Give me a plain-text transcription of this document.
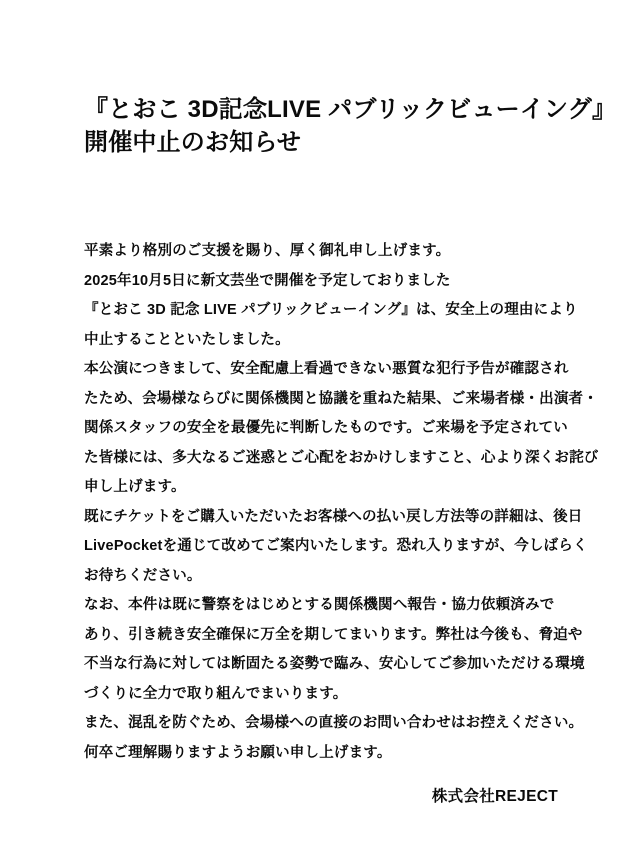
『とおこ 3D記念LIVE パブリックビューイング』
開催中止のお知らせ
平素より格別のご支援を賜り、厚く御礼申し上げます。
2025年10月5日に新文芸坐で開催を予定しておりました
『とおこ 3D 記念 LIVE パブリックビューイング』は、安全上の理由により
中止することといたしました。
本公演につきまして、安全配慮上看過できない悪質な犯行予告が確認され
たため、会場様ならびに関係機関と協議を重ねた結果、ご来場者様・出演者・
関係スタッフの安全を最優先に判断したものです。ご来場を予定されてい
た皆様には、多大なるご迷惑とご心配をおかけしますこと、心より深くお詫び
申し上げます。
既にチケットをご購入いただいたお客様への払い戻し方法等の詳細は、後日
LivePocketを通じて改めてご案内いたします。恐れ入りますが、今しばらく
お待ちください。
なお、本件は既に警察をはじめとする関係機関へ報告・協力依頼済みで
あり、引き続き安全確保に万全を期してまいります。弊社は今後も、脅迫や
不当な行為に対しては断固たる姿勢で臨み、安心してご参加いただける環境
づくりに全力で取り組んでまいります。
また、混乱を防ぐため、会場様への直接のお問い合わせはお控えください。
何卒ご理解賜りますようお願い申し上げます。
株式会社REJECT
